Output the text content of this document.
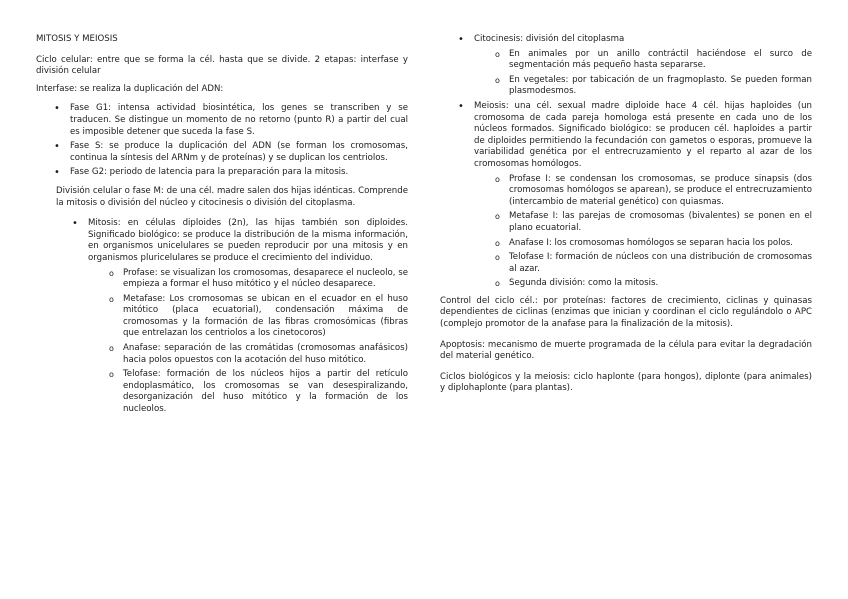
MITOSIS Y MEIOSIS

Ciclo celular: entre que se forma la cél. hasta que se divide. 2 etapas: interfase y división celular

Interfase: se realiza la duplicación del ADN:

• Fase G1: intensa actividad biosintética, los genes se transcriben y se traducen. Se distingue un momento de no retorno (punto R) a partir del cual es imposible detener que suceda la fase S.
• Fase S: se produce la duplicación del ADN (se forman los cromosomas, continua la síntesis del ARNm y de proteínas) y se duplican los centriolos.
• Fase G2: periodo de latencia para la preparación para la mitosis.

División celular o fase M: de una cél. madre salen dos hijas idénticas. Comprende la mitosis o división del núcleo y citocinesis o división del citoplasma.

• Mitosis: en células diploides (2n), las hijas también son diploides. Significado biológico: se produce la distribución de la misma información, en organismos unicelulares se pueden reproducir por una mitosis y en organismos pluricelulares se produce el crecimiento del individuo.
o Profase: se visualizan los cromosomas, desaparece el nucleolo, se empieza a formar el huso mitótico y el núcleo desaparece.
o Metafase: Los cromosomas se ubican en el ecuador en el huso mitótico (placa ecuatorial), condensación máxima de cromosomas y la formación de las fibras cromosómicas (fibras que entrelazan los centriolos a los cinetocoros)
o Anafase: separación de las cromátidas (cromosomas anafásicos) hacia polos opuestos con la acotación del huso mitótico.
o Telofase: formación de los núcleos hijos a partir del retículo endoplasmático, los cromosomas se van desespiralizando, desorganización del huso mitótico y la formación de los nucleolos.
• Citocinesis: división del citoplasma
o En animales por un anillo contráctil haciéndose el surco de segmentación más pequeño hasta separarse.
o En vegetales: por tabicación de un fragmoplasto. Se pueden forman plasmodesmos.
• Meiosis: una cél. sexual madre diploide hace 4 cél. hijas haploides (un cromosoma de cada pareja homologa está presente en cada uno de los núcleos formados. Significado biológico: se producen cél. haploides a partir de diploides permitiendo la fecundación con gametos o esporas, promueve la variabilidad genética por el entrecruzamiento y el reparto al azar de los cromosomas homólogos.
o Profase I: se condensan los cromosomas, se produce sinapsis (dos cromosomas homólogos se aparean), se produce el entrecruzamiento (intercambio de material genético) con quiasmas.
o Metafase I: las parejas de cromosomas (bivalentes) se ponen en el plano ecuatorial.
o Anafase I: los cromosomas homólogos se separan hacia los polos.
o Telofase I: formación de núcleos con una distribución de cromosomas al azar.
o Segunda división: como la mitosis.

Control del ciclo cél.: por proteínas: factores de crecimiento, ciclinas y quinasas dependientes de ciclinas (enzimas que inician y coordinan el ciclo regulándolo o APC (complejo promotor de la anafase para la finalización de la mitosis).

Apoptosis: mecanismo de muerte programada de la célula para evitar la degradación del material genético.

Ciclos biológicos y la meiosis: ciclo haplonte (para hongos), diplonte (para animales) y diplohaplonte (para plantas).
